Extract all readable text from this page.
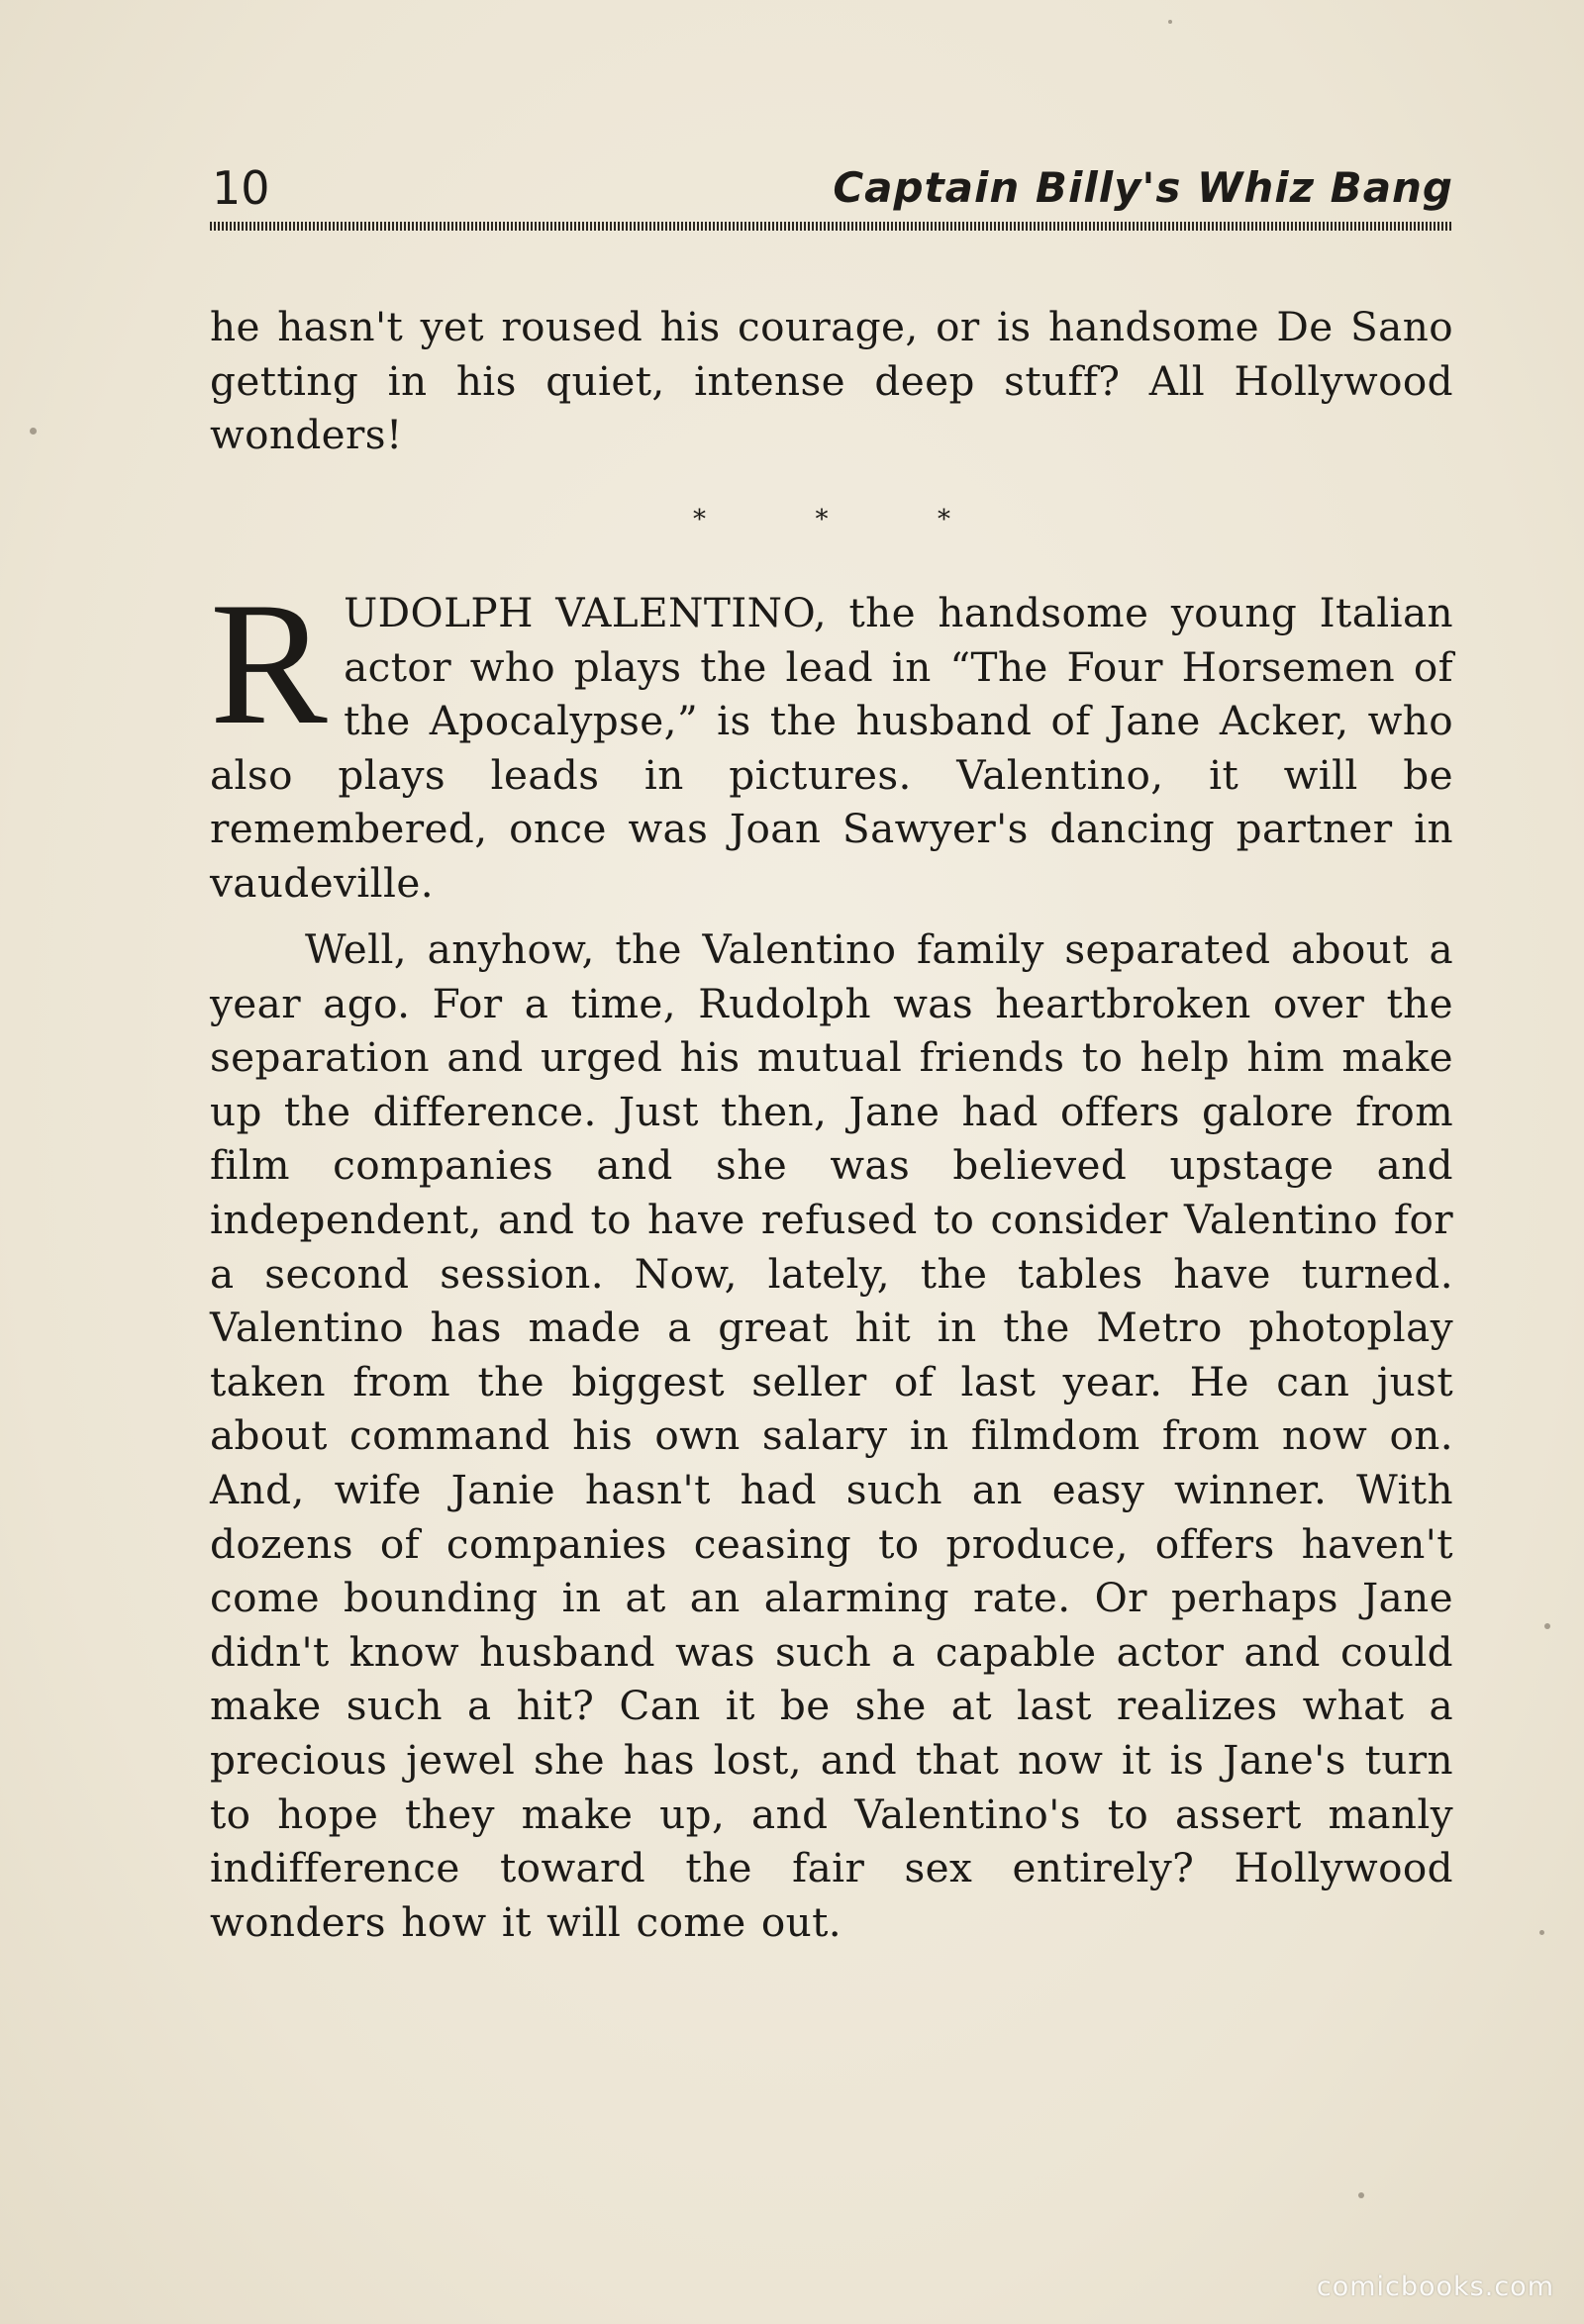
10	Captain Billy's Whiz Bang

he hasn't yet roused his courage, or is handsome De Sano getting in his quiet, intense deep stuff? All Hollywood wonders!

*	*	*

RUDOLPH VALENTINO, the handsome young Italian actor who plays the lead in “The Four Horsemen of the Apocalypse,” is the husband of Jane Acker, who also plays leads in pictures. Valentino, it will be remembered, once was Joan Sawyer's dancing partner in vaudeville.

Well, anyhow, the Valentino family separated about a year ago. For a time, Rudolph was heartbroken over the separation and urged his mutual friends to help him make up the difference. Just then, Jane had offers galore from film companies and she was believed upstage and independent, and to have refused to consider Valentino for a second session. Now, lately, the tables have turned. Valentino has made a great hit in the Metro photoplay taken from the biggest seller of last year. He can just about command his own salary in filmdom from now on. And, wife Janie hasn't had such an easy winner. With dozens of companies ceasing to produce, offers haven't come bounding in at an alarming rate. Or perhaps Jane didn't know husband was such a capable actor and could make such a hit? Can it be she at last realizes what a precious jewel she has lost, and that now it is Jane's turn to hope they make up, and Valentino's to assert manly indifference toward the fair sex entirely? Hollywood wonders how it will come out.

comicbooks.com
